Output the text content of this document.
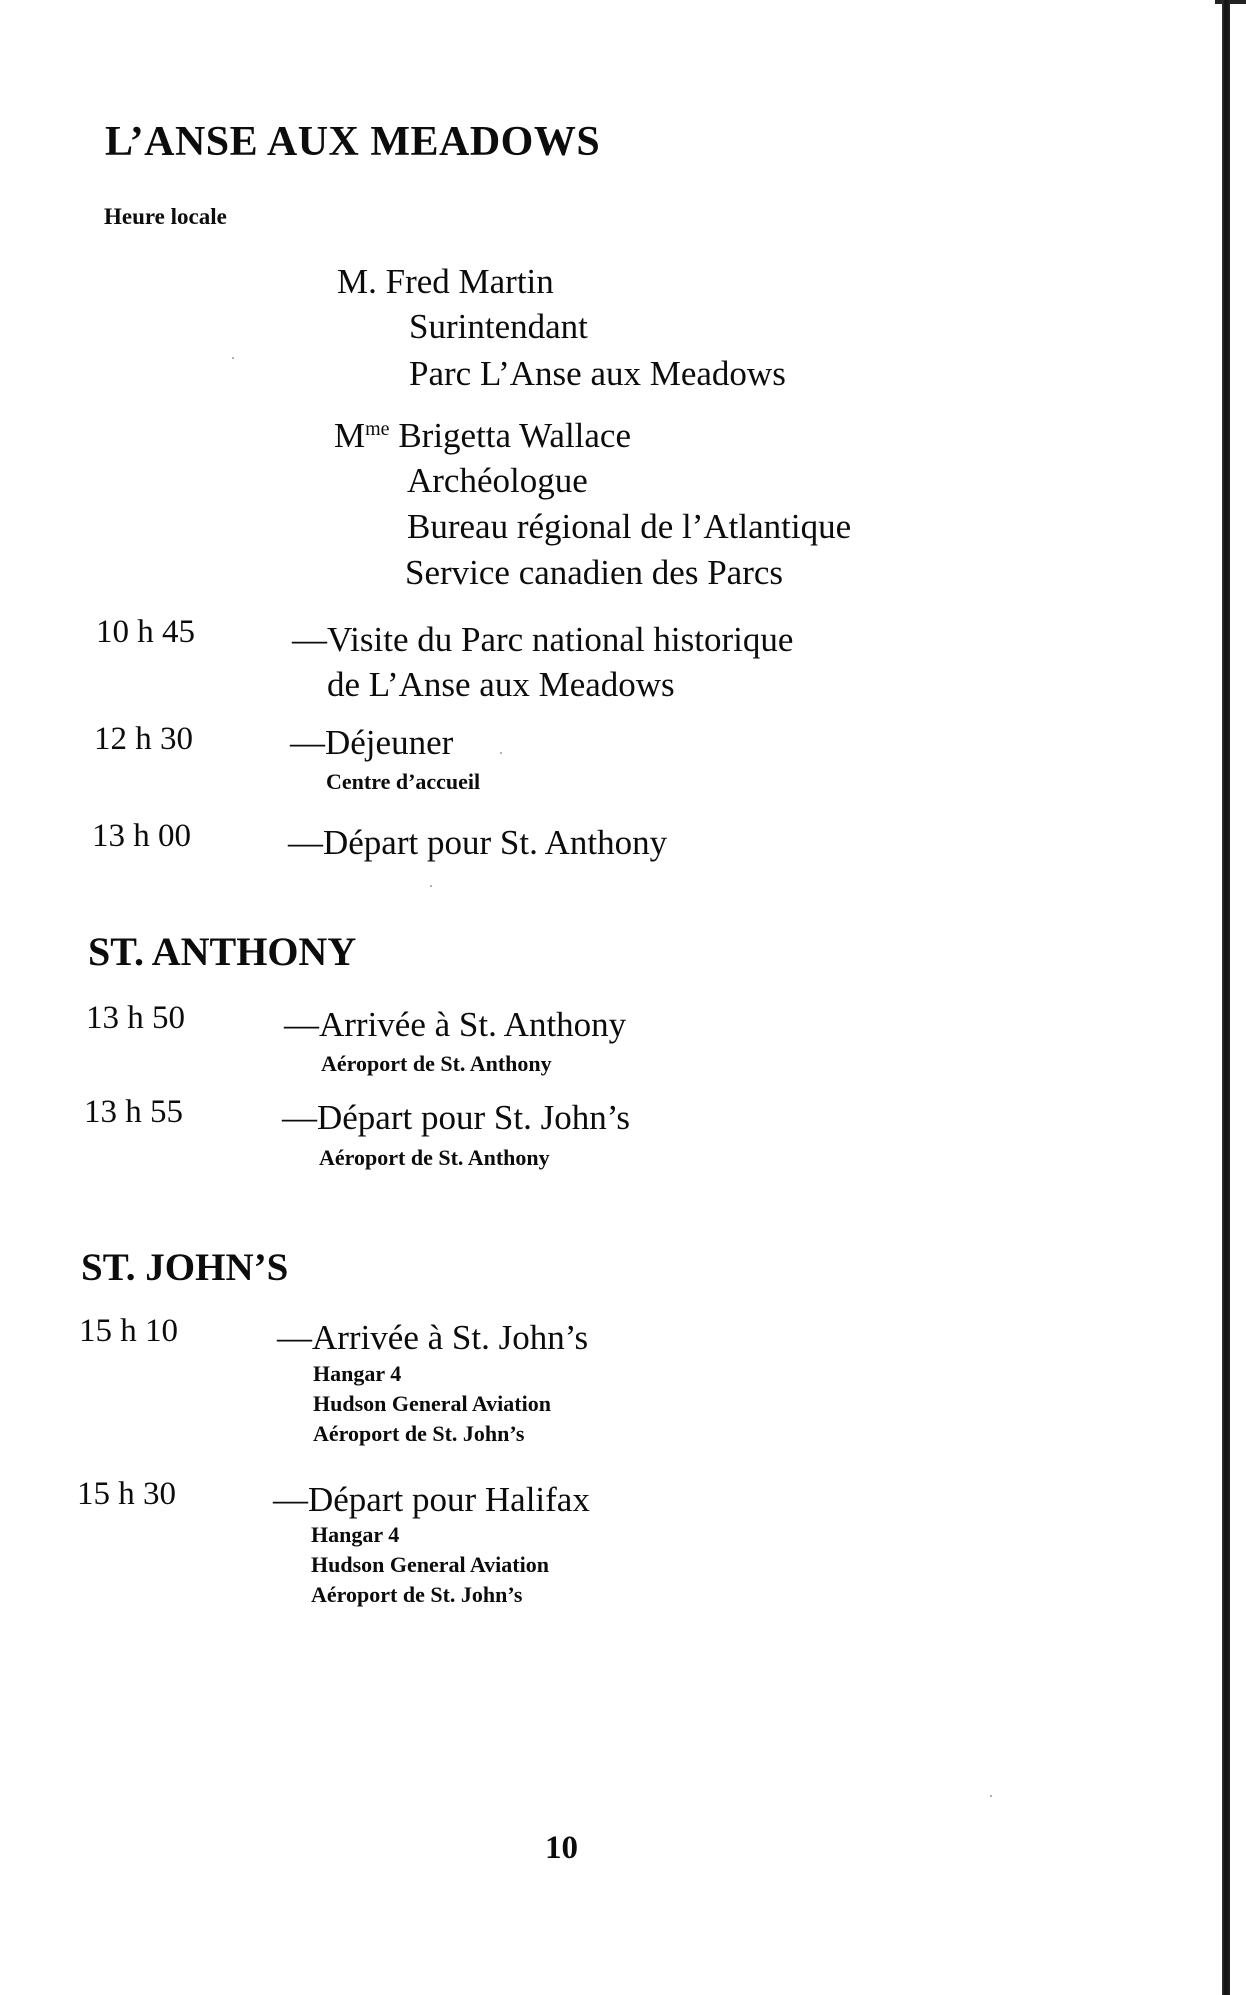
L’ANSE AUX MEADOWS
Heure locale
M. Fred Martin
Surintendant
Parc L’Anse aux Meadows
$M^{me}$ Brigetta Wallace
Archéologue
Bureau régional de l’Atlantique
Service canadien des Parcs
10 h 45	—Visite du Parc national historique
de L’Anse aux Meadows
12 h 30	—Déjeuner
Centre d’accueil
13 h 00	—Départ pour St. Anthony
ST. ANTHONY
13 h 50	—Arrivée à St. Anthony
Aéroport de St. Anthony
13 h 55	—Départ pour St. John’s
Aéroport de St. Anthony
ST. JOHN’S
15 h 10	—Arrivée à St. John’s
Hangar 4
Hudson General Aviation
Aéroport de St. John’s
15 h 30	—Départ pour Halifax
Hangar 4
Hudson General Aviation
Aéroport de St. John’s
10
